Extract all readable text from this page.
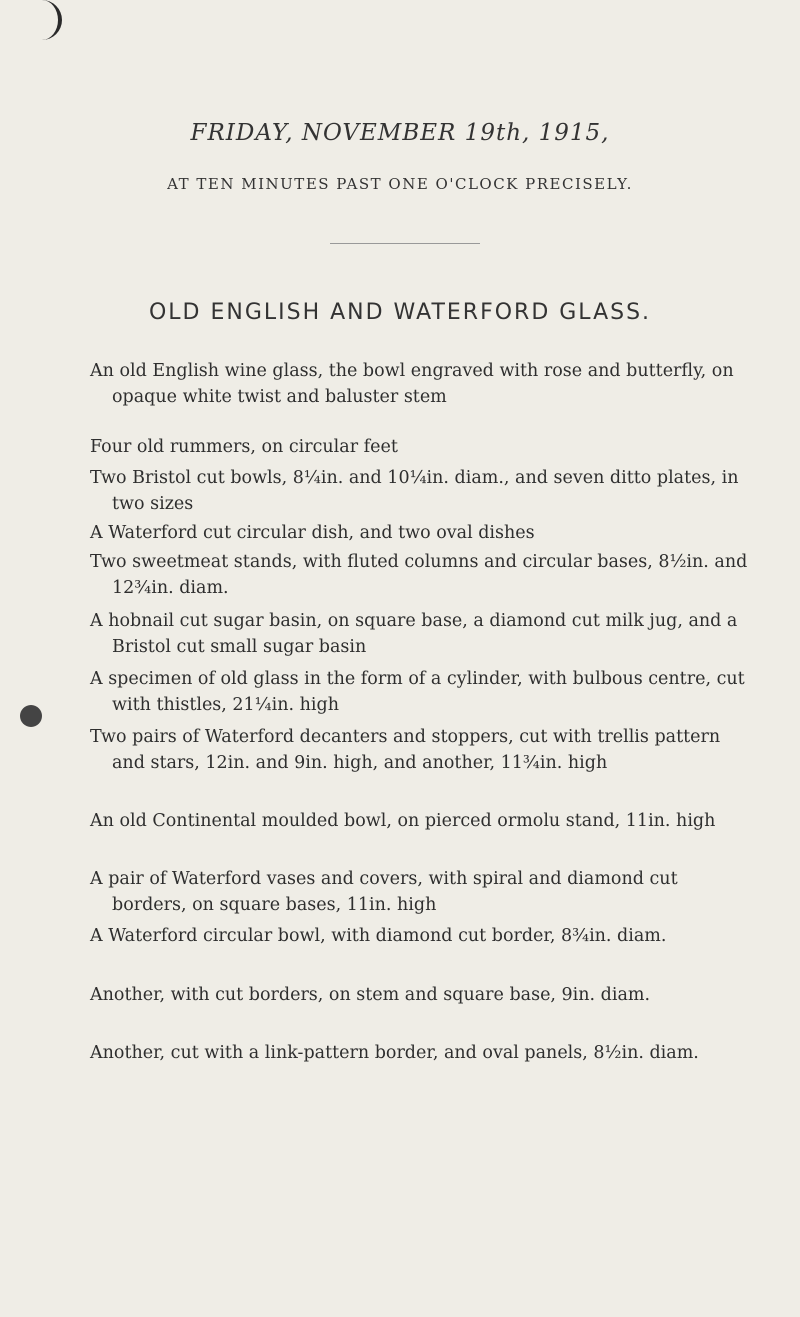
FRIDAY, NOVEMBER 19th, 1915,
AT TEN MINUTES PAST ONE O'CLOCK PRECISELY.
OLD ENGLISH AND WATERFORD GLASS.
An old English wine glass, the bowl engraved with rose and butterfly, on opaque white twist and baluster stem
Four old rummers, on circular feet
Two Bristol cut bowls, 8¼in. and 10¼in. diam., and seven ditto plates, in two sizes
A Waterford cut circular dish, and two oval dishes
Two sweetmeat stands, with fluted columns and circular bases, 8½in. and 12¾in. diam.
A hobnail cut sugar basin, on square base, a diamond cut milk jug, and a Bristol cut small sugar basin
A specimen of old glass in the form of a cylinder, with bulbous centre, cut with thistles, 21¼in. high
Two pairs of Waterford decanters and stoppers, cut with trellis pattern and stars, 12in. and 9in. high, and another, 11¾in. high
An old Continental moulded bowl, on pierced ormolu stand, 11in. high
A pair of Waterford vases and covers, with spiral and diamond cut borders, on square bases, 11in. high
A Waterford circular bowl, with diamond cut border, 8¾in. diam.
Another, with cut borders, on stem and square base, 9in. diam.
Another, cut with a link-pattern border, and oval panels, 8½in. diam.
